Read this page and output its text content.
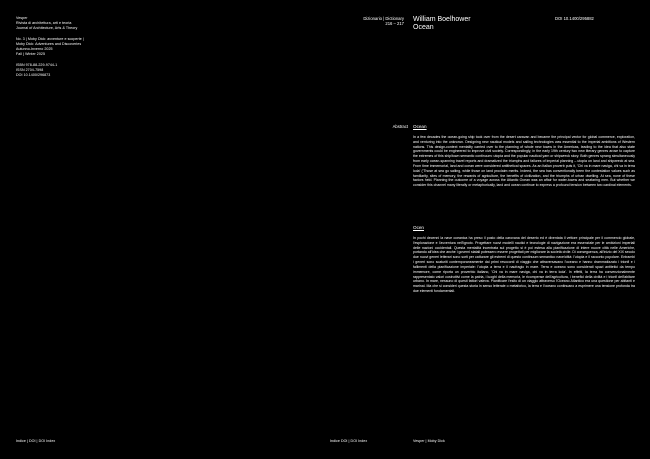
Vesper
Rivista di architettura, arti e teoria
Journal of Architecture, Arts & Theory
No. 3 | Moby Dick: avventure e scoperte |
Moby Dick: Adventures and Discoveries
Autunno-Inverno 2025
Fall | Winter 2025
ISBN 978-88-229-9744-1
ISSN 2704-7598
DOI 10.1400/296873
Dizionario | Dictionary
216 – 217
William Boelhower
Ocean
DOI 10.1400/295882
Abstract Ocean

In a few decades the ocean-going ship took over from the desert caravan and became the principal vector for global commerce, exploration, and venturing into the unknown. Designing new nautical models and sailing technologies was essential to the imperial ambitions of Western nations. This design-context mentality carried over to the planning of whole new towns in the Americas, leading to the idea that also state governments could be engineered to improve civil society. Correspondingly, in the early 19th century two new literary genres arose to capture the extremes of this ship/town semantic continuum: utopia and the popular nautical yarn or shipwreck story. Both genres sprang simultaneously from early ocean-spanning travel reports and dramatized the triumphs and failures of imperial planning – utopia on land and shipwreck at sea. From time immemorial, land and ocean were considered antithetical spaces. As an Italian proverb puts it, 'Chi va in mare naviga, chi va in terra loda' ('Those at sea go sailing, while those on land proclaim merits. Indeed, the sea has conventionally been the contestation values such as familiarity, sites of memory, the rewards of agriculture, the benefits of civilization, and the triumphs of urban dwelling. At sea, none of these factors held. Planning the outcome of a voyage across the Atlantic Ocean was an affair for water-towns and seafaring men. But whether we consider this channel many literally or metaphorically, land and ocean continue to express a profound tension between two cardinal elements.

Ocen

In pochi decenni la nave oceanica ha preso il posto della carovana del deserto ed è diventata il vettore principale per il commercio globale, l'esplorazione e l'avventura nell'ignoto. Progettare nuovi modelli nautici e tecnologie di navigazione era essenziale per le ambizioni imperiali delle nazioni occidentali. Questa mentalità incentrata sul progetto si è poi estesa alla pianificazione di intere nuove città nelle Americhe, portando all'idea che anche i governi statali potessero essere progettati per migliorare la società civile. Di conseguenza, all'inizio del XIX secolo due nuovi generi letterari sono sorti per catturare gli estremi di questo continuum semantico nave/città: l'utopia e il racconto popolare. Entrambi i generi sono scaturiti contemporaneamente dai primi resoconti di viaggio che attraversavano l'oceano e hanno drammatizzato i trionfi e i fallimenti della pianificazione imperiale: l'utopia a terra e il naufragio in mare. Terra e oceano sono considerati spazi antitetici da tempo immemore, come riporta un proverbio italiano, 'Chi va in mare naviga, chi va in terra loda'. In effetti, la terra ha convenzionalmente rappresentato valori costruttivi come la patria, i luoghi della memoria, le ricompense dell'agricoltura, i benefici della civiltà e i trionfi dell'abitare urbano. In mare, nessuno di questi fattori valeva. Pianificare l'esito di un viaggio attraverso l'Oceano Atlantico era una questione per abitanti e marinai. Ma che si consideri questa storia in senso letterale o metaforico, la terra e l'oceano continuano a esprimere una tensione profonda tra due elementi fondamentali.

Indice | DOI | DOI Index	Indice DOI | DOI Index	Vesper | Moby Dick
